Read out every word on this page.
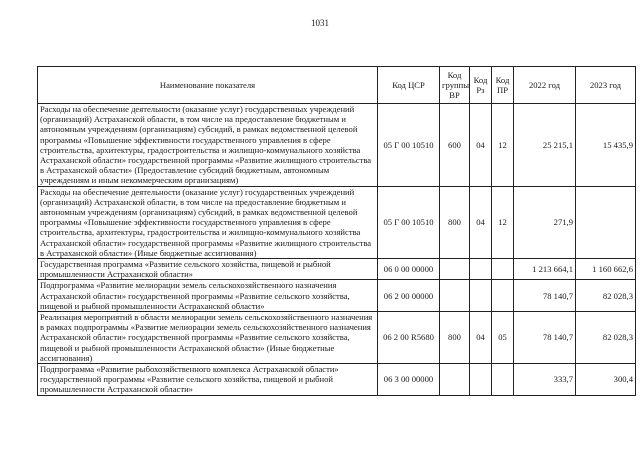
1031
Наименование показателя	Код ЦСР	Код группы ВР	Код Рз	Код ПР	2022 год	2023 год
Расходы на обеспечение деятельности (оказание услуг) государственных учреждений (организаций) Астраханской области, в том числе на предоставление бюджетным и автономным учреждениям (организациям) субсидий, в рамках ведомственной целевой программы «Повышение эффективности государственного управления в сфере строительства, архитектуры, градостроительства и жилищно-коммунального хозяйства Астраханской области» государственной программы «Развитие жилищного строительства в Астраханской области» (Предоставление субсидий бюджетным, автономным учреждениям и иным некоммерческим организациям)	05 Г 00 10510	600	04	12	25 215,1	15 435,9
Расходы на обеспечение деятельности (оказание услуг) государственных учреждений (организаций) Астраханской области, в том числе на предоставление бюджетным и автономным учреждениям (организациям) субсидий, в рамках ведомственной целевой программы «Повышение эффективности государственного управления в сфере строительства, архитектуры, градостроительства и жилищно-коммунального хозяйства Астраханской области» государственной программы «Развитие жилищного строительства в Астраханской области» (Иные бюджетные ассигнования)	05 Г 00 10510	800	04	12	271,9	
Государственная программа «Развитие сельского хозяйства, пищевой и рыбной промышленности Астраханской области»	06 0 00 00000				1 213 664,1	1 160 662,6
Подпрограмма «Развитие мелиорации земель сельскохозяйственного назначения Астраханской области» государственной программы «Развитие сельского хозяйства, пищевой и рыбной промышленности Астраханской области»	06 2 00 00000				78 140,7	82 028,3
Реализация мероприятий в области мелиорации земель сельскохозяйственного назначения в рамках подпрограммы «Развитие мелиорации земель сельскохозяйственного назначения Астраханской области» государственной программы «Развитие сельского хозяйства, пищевой и рыбной промышленности Астраханской области» (Иные бюджетные ассигнования)	06 2 00 R5680	800	04	05	78 140,7	82 028,3
Подпрограмма «Развитие рыбохозяйственного комплекса Астраханской области» государственной программы «Развитие сельского хозяйства, пищевой и рыбной промышленности Астраханской области»	06 3 00 00000				333,7	300,4
